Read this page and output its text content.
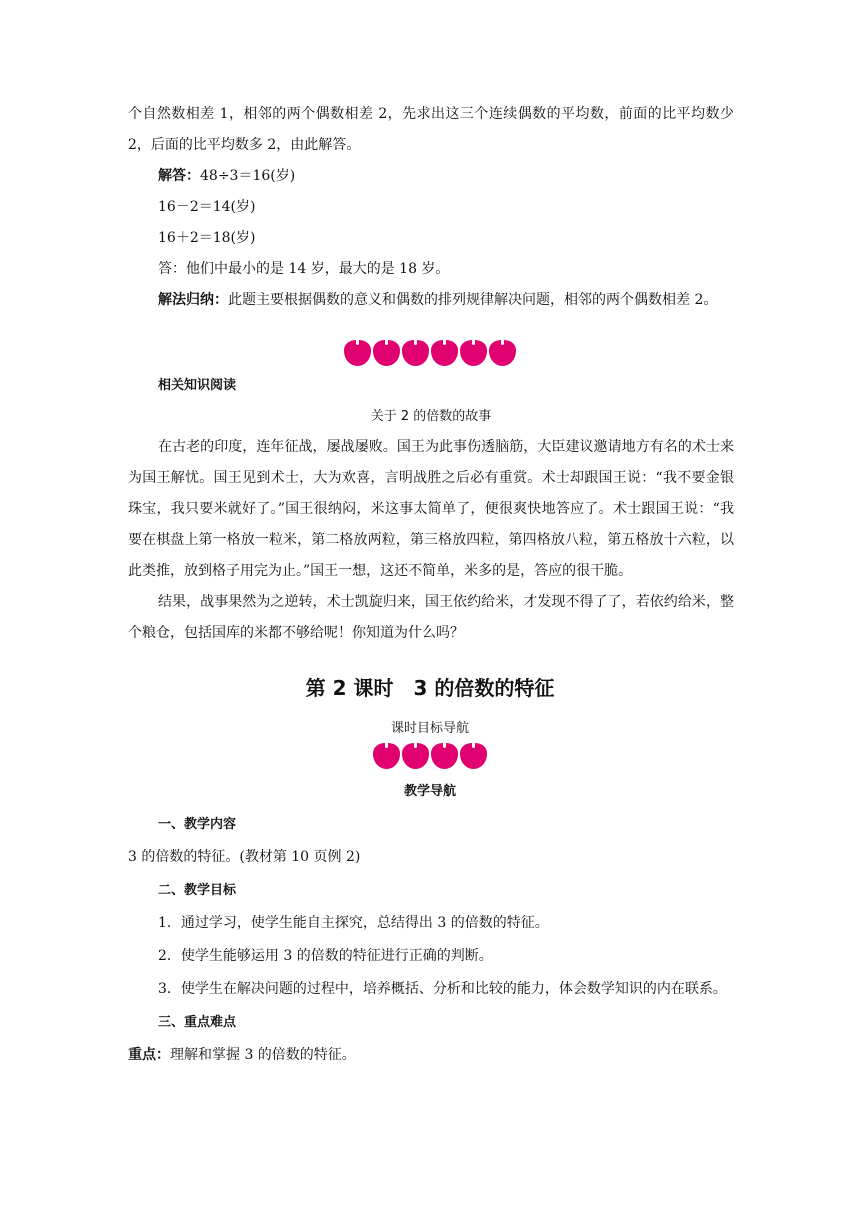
个自然数相差 1，相邻的两个偶数相差 2，先求出这三个连续偶数的平均数，前面的比平均数少 2，后面的比平均数多 2，由此解答。

解答：48÷3＝16(岁)

16－2＝14(岁)

16＋2＝18(岁)

答：他们中最小的是 14 岁，最大的是 18 岁。

解法归纳：此题主要根据偶数的意义和偶数的排列规律解决问题，相邻的两个偶数相差 2。

相关知识阅读

关于 2 的倍数的故事

在古老的印度，连年征战，屡战屡败。国王为此事伤透脑筋，大臣建议邀请地方有名的术士来为国王解忧。国王见到术士，大为欢喜，言明战胜之后必有重赏。术士却跟国王说：“我不要金银珠宝，我只要米就好了。”国王很纳闷，米这事太简单了，便很爽快地答应了。术士跟国王说：“我要在棋盘上第一格放一粒米，第二格放两粒，第三格放四粒，第四格放八粒，第五格放十六粒，以此类推，放到格子用完为止。”国王一想，这还不简单，米多的是，答应的很干脆。

结果，战事果然为之逆转，术士凯旋归来，国王依约给米，才发现不得了了，若依约给米，整个粮仓，包括国库的米都不够给呢！你知道为什么吗？

第 2 课时　3 的倍数的特征
课时目标导航
教学导航

一、教学内容

3 的倍数的特征。(教材第 10 页例 2)

二、教学目标

1．通过学习，使学生能自主探究，总结得出 3 的倍数的特征。

2．使学生能够运用 3 的倍数的特征进行正确的判断。

3．使学生在解决问题的过程中，培养概括、分析和比较的能力，体会数学知识的内在联系。

三、重点难点

重点：理解和掌握 3 的倍数的特征。
